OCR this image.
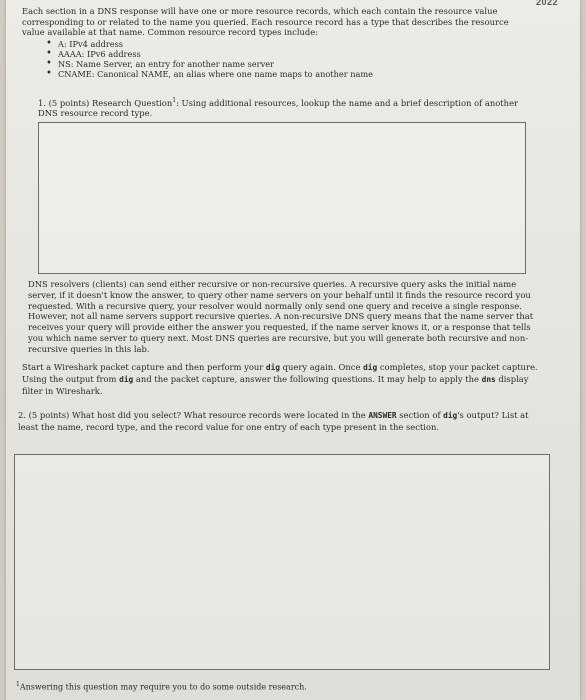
2022
Each section in a DNS response will have one or more resource records, which each contain the resource value corresponding to or related to the name you queried. Each resource record has a type that describes the resource value available at that name. Common resource record types include:
• A: IPv4 address
• AAAA: IPv6 address
• NS: Name Server, an entry for another name server
• CNAME: Canonical NAME, an alias where one name maps to another name
1. (5 points) Research Question$^1$: Using additional resources, lookup the name and a brief description of another DNS resource record type.
DNS resolvers (clients) can send either recursive or non-recursive queries. A recursive query asks the initial name server, if it doesn't know the answer, to query other name servers on your behalf until it finds the resource record you requested. With a recursive query, your resolver would normally only send one query and receive a single response. However, not all name servers support recursive queries. A non-recursive DNS query means that the name server that receives your query will provide either the answer you requested, if the name server knows it, or a response that tells you which name server to query next. Most DNS queries are recursive, but you will generate both recursive and non-recursive queries in this lab.
Start a Wireshark packet capture and then perform your dig query again. Once dig completes, stop your packet capture. Using the output from dig and the packet capture, answer the following questions. It may help to apply the dns display filter in Wireshark.
2. (5 points) What host did you select? What resource records were located in the ANSWER section of dig's output? List at least the name, record type, and the record value for one entry of each type present in the section.
$^1$Answering this question may require you to do some outside research.
